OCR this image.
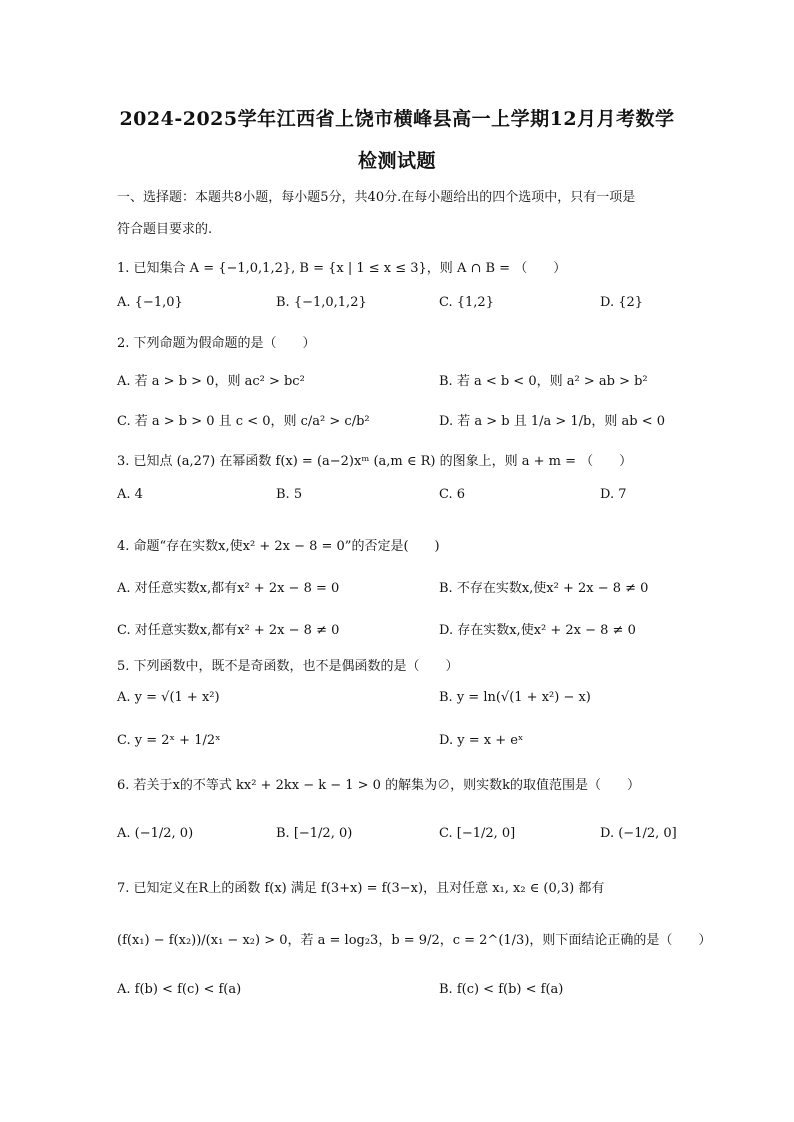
2024-2025学年江西省上饶市横峰县高一上学期12月月考数学
检测试题
一、选择题：本题共8小题，每小题5分，共40分.在每小题给出的四个选项中，只有一项是
符合题目要求的.
1. 已知集合 A = {−1,0,1,2}, B = {x | 1 ≤ x ≤ 3}，则 A ∩ B = （　　）
A. {−1,0}	B. {−1,0,1,2}	C. {1,2}	D. {2}
2. 下列命题为假命题的是（　　）
A. 若 a > b > 0，则 ac² > bc²	B. 若 a < b < 0，则 a² > ab > b²
C. 若 a > b > 0 且 c < 0，则 c/a² > c/b²	D. 若 a > b 且 1/a > 1/b，则 ab < 0
3. 已知点 (a,27) 在幂函数 f(x) = (a−2)xᵐ (a,m ∈ R) 的图象上，则 a + m = （　　）
A. 4	B. 5	C. 6	D. 7
4. 命题“存在实数x,使x² + 2x − 8 = 0”的否定是(　　)
A. 对任意实数x,都有x² + 2x − 8 = 0	B. 不存在实数x,使x² + 2x − 8 ≠ 0
C. 对任意实数x,都有x² + 2x − 8 ≠ 0	D. 存在实数x,使x² + 2x − 8 ≠ 0
5. 下列函数中，既不是奇函数，也不是偶函数的是（　　）
A. y = √(1 + x²)	B. y = ln(√(1 + x²) − x)
C. y = 2ˣ + 1/2ˣ	D. y = x + eˣ
6. 若关于x的不等式 kx² + 2kx − k − 1 > 0 的解集为∅，则实数k的取值范围是（　　）
A. (−1/2, 0)	B. [−1/2, 0)	C. [−1/2, 0]	D. (−1/2, 0]
7. 已知定义在R上的函数 f(x) 满足 f(3+x) = f(3−x)，且对任意 x₁, x₂ ∈ (0,3) 都有
(f(x₁) − f(x₂))/(x₁ − x₂) > 0，若 a = log₂3，b = 9/2，c = 2^(1/3)，则下面结论正确的是（　　）
A. f(b) < f(c) < f(a)	B. f(c) < f(b) < f(a)
